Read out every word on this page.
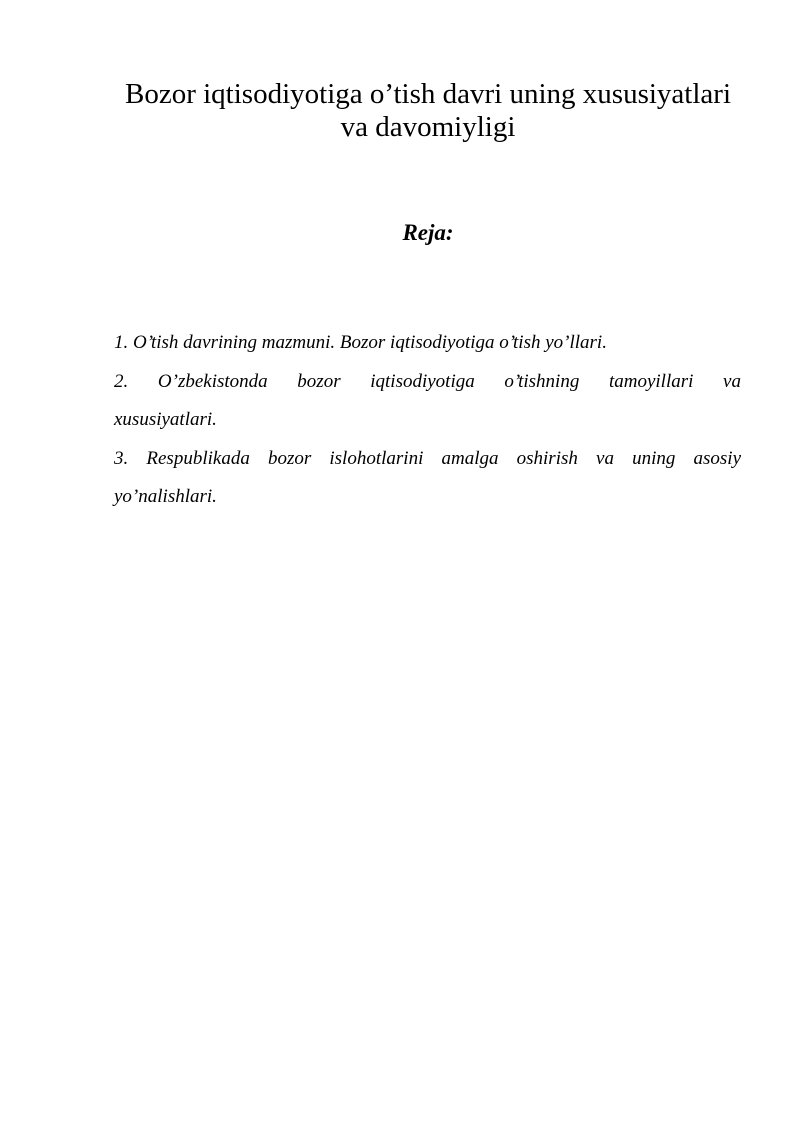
Bozor iqtisodiyotiga o’tish davri uning xususiyatlari
va davomiyligi
Reja:
1. O’tish davrining mazmuni. Bozor iqtisodiyotiga o’tish yo’llari.
2. O’zbekistonda bozor iqtisodiyotiga o’tishning tamoyillari va xususiyatlari.
3. Respublikada bozor islohotlarini amalga oshirish va uning asosiy yo’nalishlari.
